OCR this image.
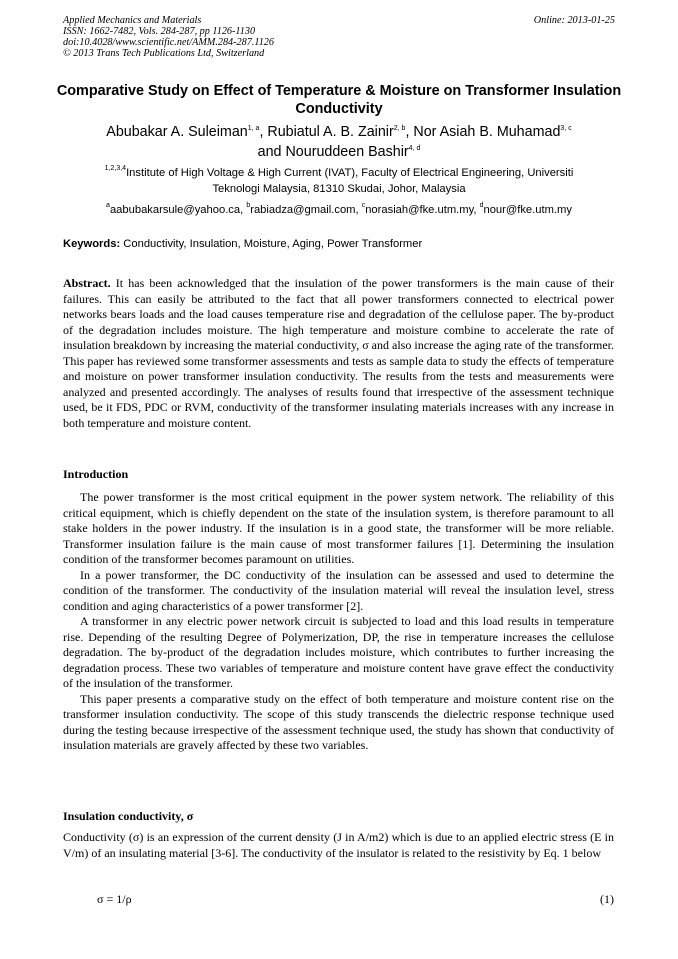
Applied Mechanics and Materials
ISSN: 1662-7482, Vols. 284-287, pp 1126-1130
doi:10.4028/www.scientific.net/AMM.284-287.1126
© 2013 Trans Tech Publications Ltd, Switzerland
Online: 2013-01-25
Comparative Study on Effect of Temperature & Moisture on Transformer Insulation Conductivity
Abubakar A. Suleiman$^{1, a}$, Rubiatul A. B. Zainir$^{2, b}$, Nor Asiah B. Muhamad$^{3, c}$
and Nouruddeen Bashir$^{4, d}$
$^{1,2,3,4}$Institute of High Voltage & High Current (IVAT), Faculty of Electrical Engineering, Universiti
Teknologi Malaysia, 81310 Skudai, Johor, Malaysia
$^a$aabubakarsule@yahoo.ca, $^b$rabiadza@gmail.com, $^c$norasiah@fke.utm.my, $^d$nour@fke.utm.my
Keywords: Conductivity, Insulation, Moisture, Aging, Power Transformer

Abstract. It has been acknowledged that the insulation of the power transformers is the main cause of their failures. This can easily be attributed to the fact that all power transformers connected to electrical power networks bears loads and the load causes temperature rise and degradation of the cellulose paper. The by-product of the degradation includes moisture. The high temperature and moisture combine to accelerate the rate of insulation breakdown by increasing the material conductivity, σ and also increase the aging rate of the transformer. This paper has reviewed some transformer assessments and tests as sample data to study the effects of temperature and moisture on power transformer insulation conductivity. The results from the tests and measurements were analyzed and presented accordingly. The analyses of results found that irrespective of the assessment technique used, be it FDS, PDC or RVM, conductivity of the transformer insulating materials increases with any increase in both temperature and moisture content.

Introduction

The power transformer is the most critical equipment in the power system network. The reliability of this critical equipment, which is chiefly dependent on the state of the insulation system, is therefore paramount to all stake holders in the power industry. If the insulation is in a good state, the transformer will be more reliable. Transformer insulation failure is the main cause of most transformer failures [1]. Determining the insulation condition of the transformer becomes paramount on utilities.

In a power transformer, the DC conductivity of the insulation can be assessed and used to determine the condition of the transformer. The conductivity of the insulation material will reveal the insulation level, stress condition and aging characteristics of a power transformer [2].

A transformer in any electric power network circuit is subjected to load and this load results in temperature rise. Depending of the resulting Degree of Polymerization, DP, the rise in temperature increases the cellulose degradation. The by-product of the degradation includes moisture, which contributes to further increasing the degradation process. These two variables of temperature and moisture content have grave effect the conductivity of the insulation of the transformer.

This paper presents a comparative study on the effect of both temperature and moisture content rise on the transformer insulation conductivity. The scope of this study transcends the dielectric response technique used during the testing because irrespective of the assessment technique used, the study has shown that conductivity of insulation materials are gravely affected by these two variables.

Insulation conductivity, σ

Conductivity (σ) is an expression of the current density (J in A/m2) which is due to an applied electric stress (E in V/m) of an insulating material [3-6]. The conductivity of the insulator is related to the resistivity by Eq. 1 below

σ = 1/ρ	(1)
